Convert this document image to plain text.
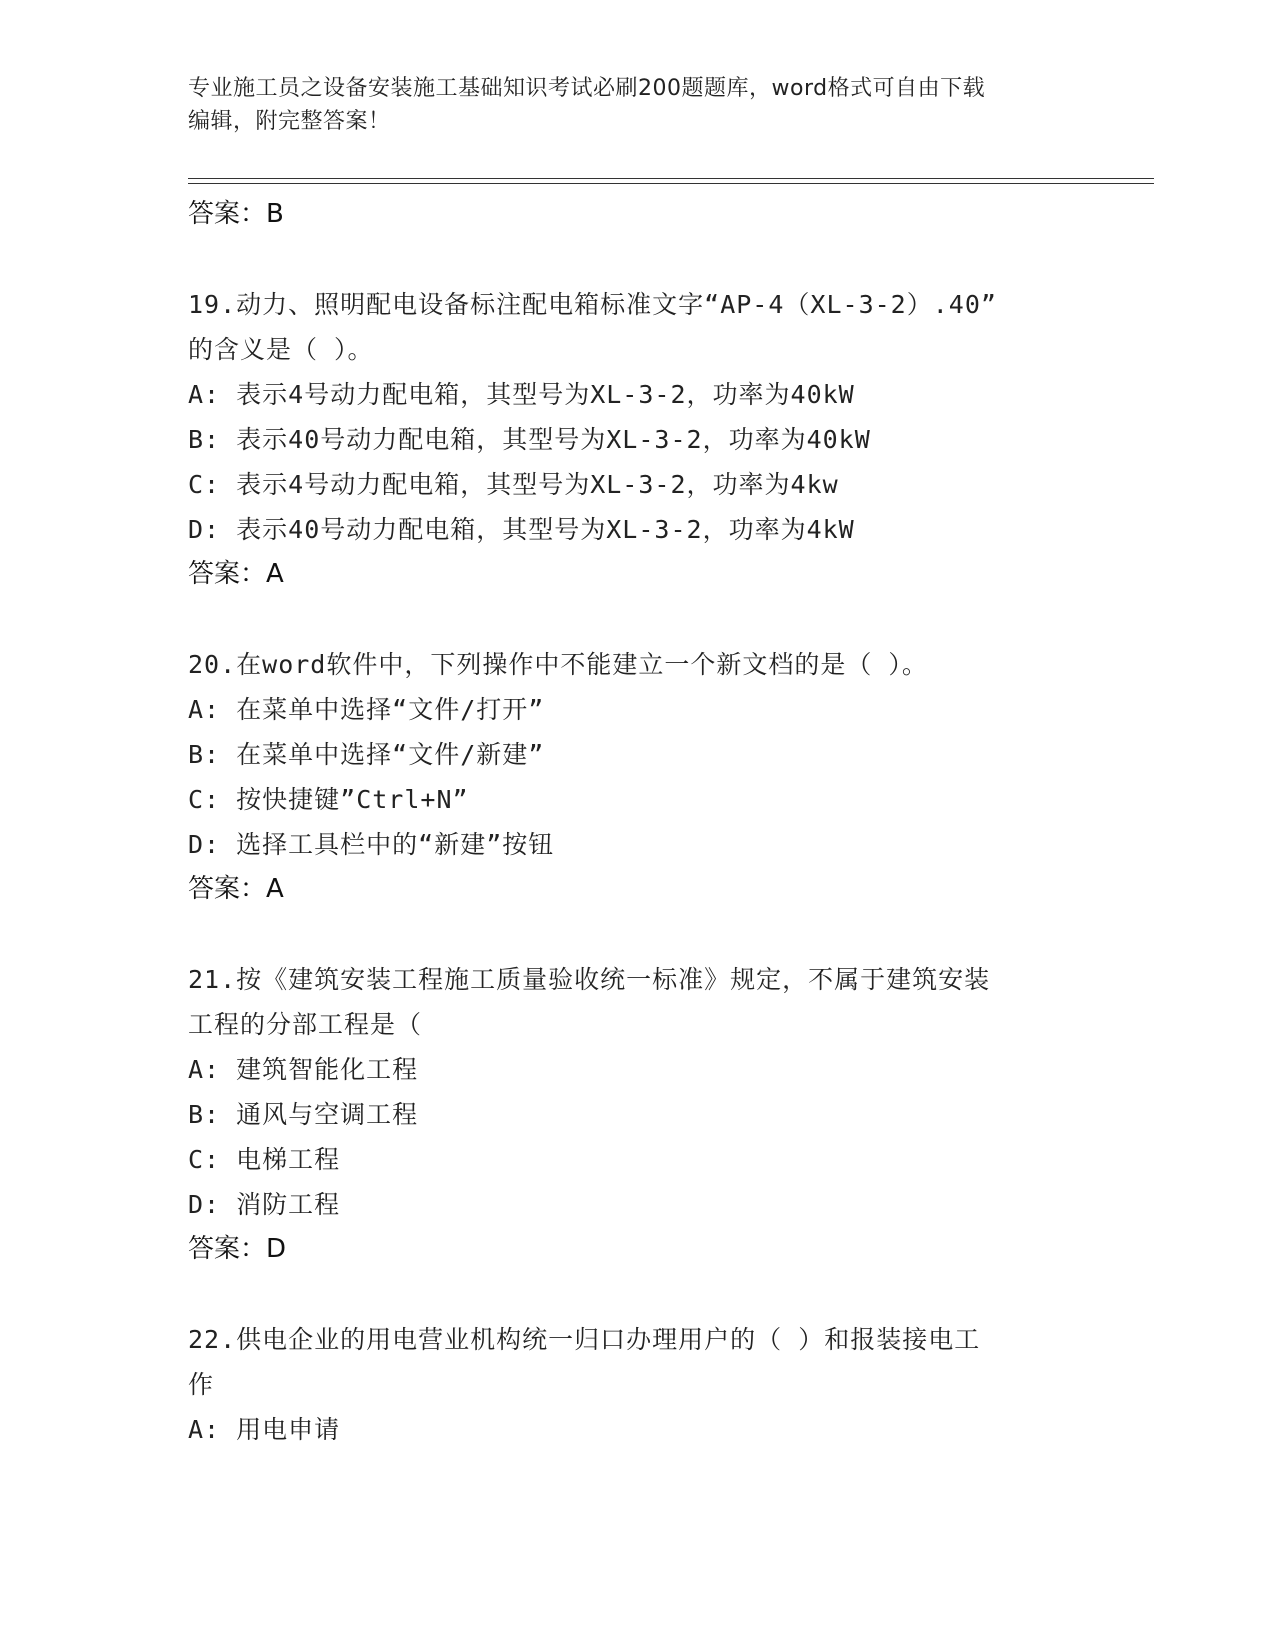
专业施工员之设备安装施工基础知识考试必刷200题题库，word格式可自由下载
编辑，附完整答案！
答案：B
19.动力、照明配电设备标注配电箱标准文字“AP-4（XL-3-2）.40”
的含义是（ ）。
A: 表示4号动力配电箱，其型号为XL-3-2，功率为40kW
B: 表示40号动力配电箱，其型号为XL-3-2，功率为40kW
C: 表示4号动力配电箱，其型号为XL-3-2，功率为4kw
D: 表示40号动力配电箱，其型号为XL-3-2，功率为4kW
答案：A
20.在word软件中，下列操作中不能建立一个新文档的是（ ）。
A: 在菜单中选择“文件/打开”
B: 在菜单中选择“文件/新建”
C: 按快捷键”Ctrl+N”
D: 选择工具栏中的“新建”按钮
答案：A
21.按《建筑安装工程施工质量验收统一标准》规定，不属于建筑安装
工程的分部工程是（
A: 建筑智能化工程
B: 通风与空调工程
C: 电梯工程
D: 消防工程
答案：D
22.供电企业的用电营业机构统一归口办理用户的（ ）和报装接电工
作
A: 用电申请
